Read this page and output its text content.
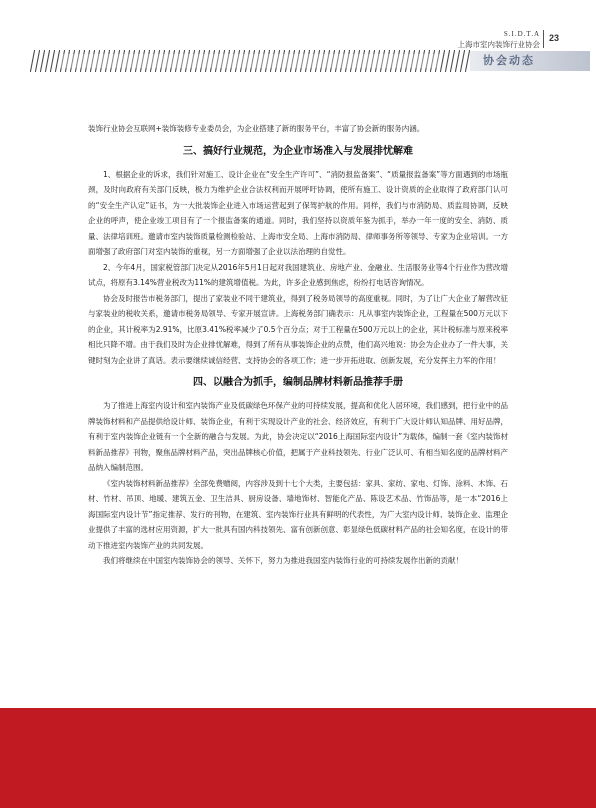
S.I.D.T.A
上海市室内装饰行业协会
23
协会动态

装饰行业协会互联网+装饰装修专业委员会，为企业搭建了新的服务平台，丰富了协会新的服务内涵。

三、搞好行业规范，为企业市场准入与发展排忧解难

1、根据企业的诉求，我们针对施工、设计企业在“安全生产许可”、“消防报监备案”、“质量报监备案”等方面遇到的市场瓶颈，及时向政府有关部门反映，极力为维护企业合法权利而开展呼吁协调，使所有施工、设计资质的企业取得了政府部门认可的“安全生产认定”证书，为一大批装饰企业进入市场运营起到了保驾护航的作用。同样，我们与市消防局、质监局协调，反映企业的呼声，使企业竣工项目有了一个报监备案的通道。同时，我们坚持以资质年鉴为抓手，举办一年一度的安全、消防、质量、法律培训班。邀请市室内装饰质量检测检验站、上海市安全局、上海市消防局、律师事务所等领导、专家为企业培训。一方面增强了政府部门对室内装饰的重视，另一方面增强了企业以法治理的自觉性。

2、今年4月，国家税管部门决定从2016年5月1日起对我国建筑业、房地产业、金融业、生活服务业等4个行业作为营改增试点，将原有3.14%营业税改为11%的建筑增值税。为此，许多企业感到焦虑，纷纷打电话咨询情况。

协会及时报告市税务部门，提出了家装业不同于建筑业，得到了税务局领导的高度重视。同时，为了让广大企业了解营改征与家装业的税收关系，邀请市税务局领导、专家开展宣讲。上海税务部门确表示：凡从事室内装饰企业，工程量在500万元以下的企业，其计税率为2.91%，比原3.41%税率减少了0.5个百分点；对于工程量在500万元以上的企业，其计税标准与原来税率相比只降不增。由于我们及时为企业排忧解难，得到了所有从事装饰企业的点赞，他们高兴地说：协会为企业办了一件大事，关键时刻为企业讲了真话。表示要继续诚信经营、支持协会的各项工作；进一步开拓进取、创新发展，充分发挥主力军的作用！

四、以融合为抓手，编制品牌材料新品推荐手册

为了推进上海室内设计和室内装饰产业及低碳绿色环保产业的可持续发展，提高和优化人居环境，我们感到，把行业中的品牌装饰材料和产品提供给设计师、装饰企业，有利于实现设计产业的社会、经济效应，有利于广大设计师认知品牌、用好品牌，有利于室内装饰企业链有一个全新的融合与发展。为此，协会决定以“2016上海国际室内设计”为载体，编制一套《室内装饰材料新品推荐》刊物，聚焦品牌材料产品，突出品牌核心价值，把属于产业科技领先、行业广泛认可、有相当知名度的品牌材料产品纳入编制范围。

《室内装饰材料新品推荐》全部免费赠阅，内容涉及到十七个大类，主要包括：家具、家纺、家电、灯饰、涂料、木饰、石材、竹材、吊顶、地暖、建筑五金、卫生洁具、厨房设备、墙地饰材、智能化产品、陈设艺术品、竹饰品等，是一本“2016上海国际室内设计节”指定推荐、发行的刊物，在建筑、室内装饰行业具有鲜明的代表性，为广大室内设计师、装饰企业、监理企业提供了丰富的选材应用资源，扩大一批具有国内科技领先、富有创新创意、彰显绿色低碳材料产品的社会知名度，在设计的带动下推进室内装饰产业的共同发展。

我们将继续在中国室内装饰协会的领导、关怀下，努力为推进我国室内装饰行业的可持续发展作出新的贡献！
